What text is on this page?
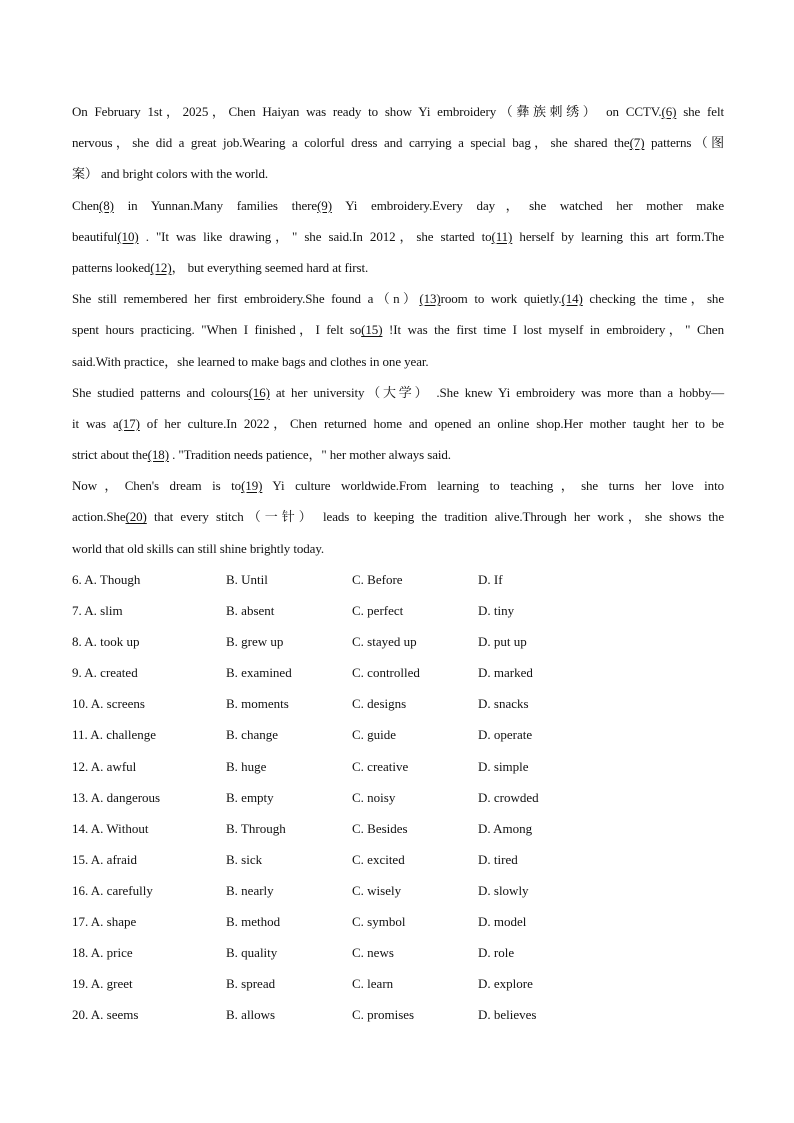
On February 1st，2025，Chen Haiyan was ready to show Yi embroidery（彝族刺绣） on CCTV.(6) she felt
nervous，she did a great job.Wearing a colorful dress and carrying a special bag，she shared the(7) patterns（图
案） and bright colors with the world.
Chen(8) in Yunnan.Many families there(9) Yi embroidery.Every day，she watched her mother make
beautiful(10) . "It was like drawing，" she said.In 2012，she started to(11) herself by learning this art form.The
patterns looked(12)， but everything seemed hard at first.
She still remembered her first embroidery.She found a（n）(13)room to work quietly.(14) checking the time，she
spent hours practicing. "When I finished，I felt so(15) !It was the first time I lost myself in embroidery，" Chen
said.With practice，she learned to make bags and clothes in one year.
She studied patterns and colours(16) at her university（大学） .She knew Yi embroidery was more than a hobby—
it was a(17) of her culture.In 2022，Chen returned home and opened an online shop.Her mother taught her to be
strict about the(18) . "Tradition needs patience，" her mother always said.
Now，Chen's dream is to(19) Yi culture worldwide.From learning to teaching，she turns her love into
action.She(20) that every stitch（一针） leads to keeping the tradition alive.Through her work，she shows the
world that old skills can still shine brightly today.
6. A. Though	B. Until	C. Before	D. If
7. A. slim	B. absent	C. perfect	D. tiny
8. A. took up	B. grew up	C. stayed up	D. put up
9. A. created	B. examined	C. controlled	D. marked
10. A. screens	B. moments	C. designs	D. snacks
11. A. challenge	B. change	C. guide	D. operate
12. A. awful	B. huge	C. creative	D. simple
13. A. dangerous	B. empty	C. noisy	D. crowded
14. A. Without	B. Through	C. Besides	D. Among
15. A. afraid	B. sick	C. excited	D. tired
16. A. carefully	B. nearly	C. wisely	D. slowly
17. A. shape	B. method	C. symbol	D. model
18. A. price	B. quality	C. news	D. role
19. A. greet	B. spread	C. learn	D. explore
20. A. seems	B. allows	C. promises	D. believes
